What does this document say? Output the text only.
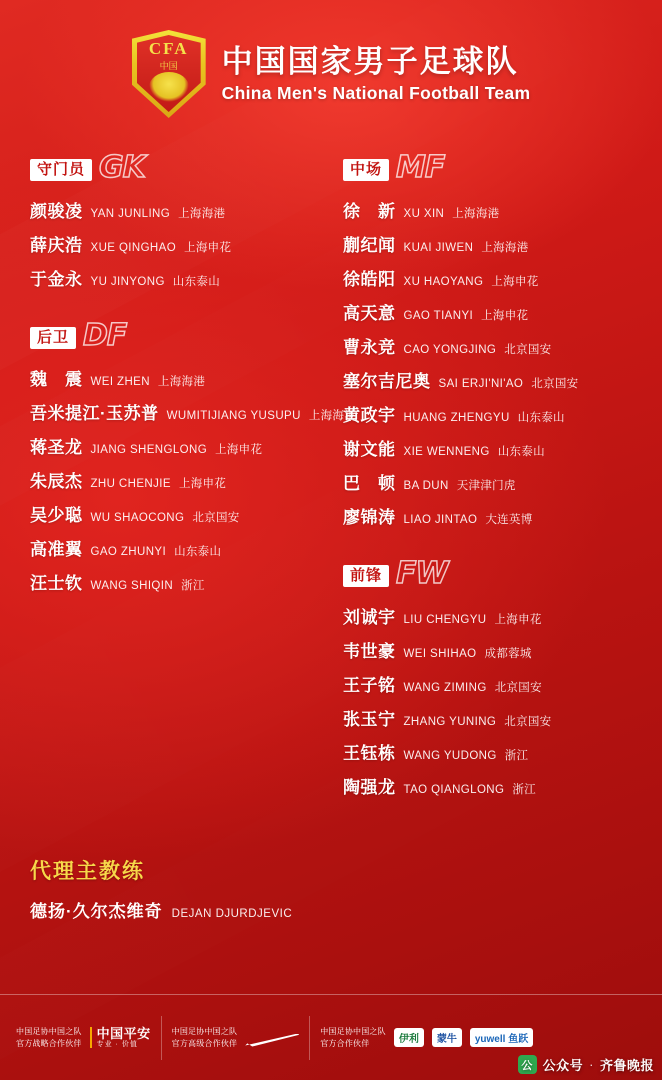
CFA
中国	中国国家男子足球队
China Men's National Football Team
守门员 GK
颜骏凌 YAN JUNLING 上海海港
薛庆浩 XUE QINGHAO 上海申花
于金永 YU JINYONG 山东泰山
后卫 DF
魏　震 WEI ZHEN 上海海港
吾米提江·玉苏普 WUMITIJIANG YUSUPU 上海海港
蒋圣龙 JIANG SHENGLONG 上海申花
朱辰杰 ZHU CHENJIE 上海申花
吴少聪 WU SHAOCONG 北京国安
高准翼 GAO ZHUNYI 山东泰山
汪士钦 WANG SHIQIN 浙江
中场 MF
徐　新 XU XIN 上海海港
蒯纪闻 KUAI JIWEN 上海海港
徐皓阳 XU HAOYANG 上海申花
高天意 GAO TIANYI 上海申花
曹永竞 CAO YONGJING 北京国安
塞尔吉尼奥 SAI ERJI'NI'AO 北京国安
黄政宇 HUANG ZHENGYU 山东泰山
谢文能 XIE WENNENG 山东泰山
巴　顿 BA DUN 天津津门虎
廖锦涛 LIAO JINTAO 大连英博
前锋 FW
刘诚宇 LIU CHENGYU 上海申花
韦世豪 WEI SHIHAO 成都蓉城
王子铭 WANG ZIMING 北京国安
张玉宁 ZHANG YUNING 北京国安
王钰栋 WANG YUDONG 浙江
陶强龙 TAO QIANGLONG 浙江
代理主教练
德扬·久尔杰维奇 DEJAN DJURDJEVIC
中国足协中国之队
官方战略合作伙伴
中国平安
专业 · 价值
中国足协中国之队
官方高级合作伙伴
中国足协中国之队
官方合作伙伴	伊利	蒙牛	yuwell 鱼跃
公 公众号 · 齐鲁晚报
